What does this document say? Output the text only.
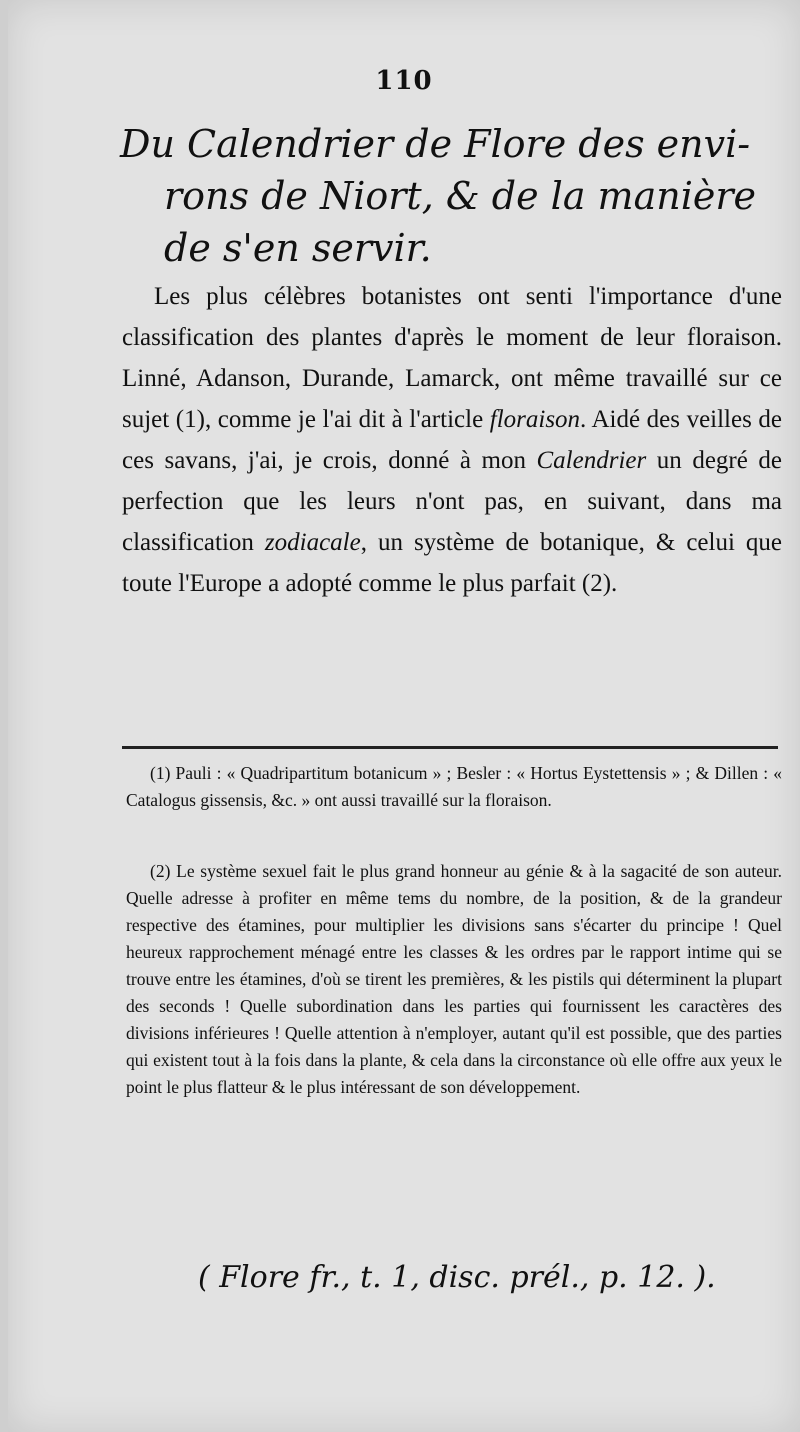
110
Du Calendrier de Flore des envi-
rons de Niort, & de la manière
de s'en servir.

Les plus célèbres botanistes ont senti l'importance d'une classification des plantes d'après le moment de leur floraison. Linné, Adanson, Durande, Lamarck, ont même travaillé sur ce sujet (1), comme je l'ai dit à l'article floraison. Aidé des veilles de ces savans, j'ai, je crois, donné à mon Calendrier un degré de perfection que les leurs n'ont pas, en suivant, dans ma classification zodiacale, un système de botanique, & celui que toute l'Europe a adopté comme le plus parfait (2).

(1) Pauli : « Quadripartitum botanicum » ; Besler : « Hortus Eystettensis » ; & Dillen : « Catalogus gissensis, &c. » ont aussi travaillé sur la floraison.

(2) Le système sexuel fait le plus grand honneur au génie & à la sagacité de son auteur. Quelle adresse à profiter en même tems du nombre, de la position, & de la grandeur respective des étamines, pour multiplier les divisions sans s'écarter du principe ! Quel heureux rapprochement ménagé entre les classes & les ordres par le rapport intime qui se trouve entre les étamines, d'où se tirent les premières, & les pistils qui déterminent la plupart des seconds ! Quelle subordination dans les parties qui fournissent les caractères des divisions inférieures ! Quelle attention à n'employer, autant qu'il est possible, que des parties qui existent tout à la fois dans la plante, & cela dans la circonstance où elle offre aux yeux le point le plus flatteur & le plus intéressant de son développement.

( Flore fr., t. 1, disc. prél., p. 12. ).
